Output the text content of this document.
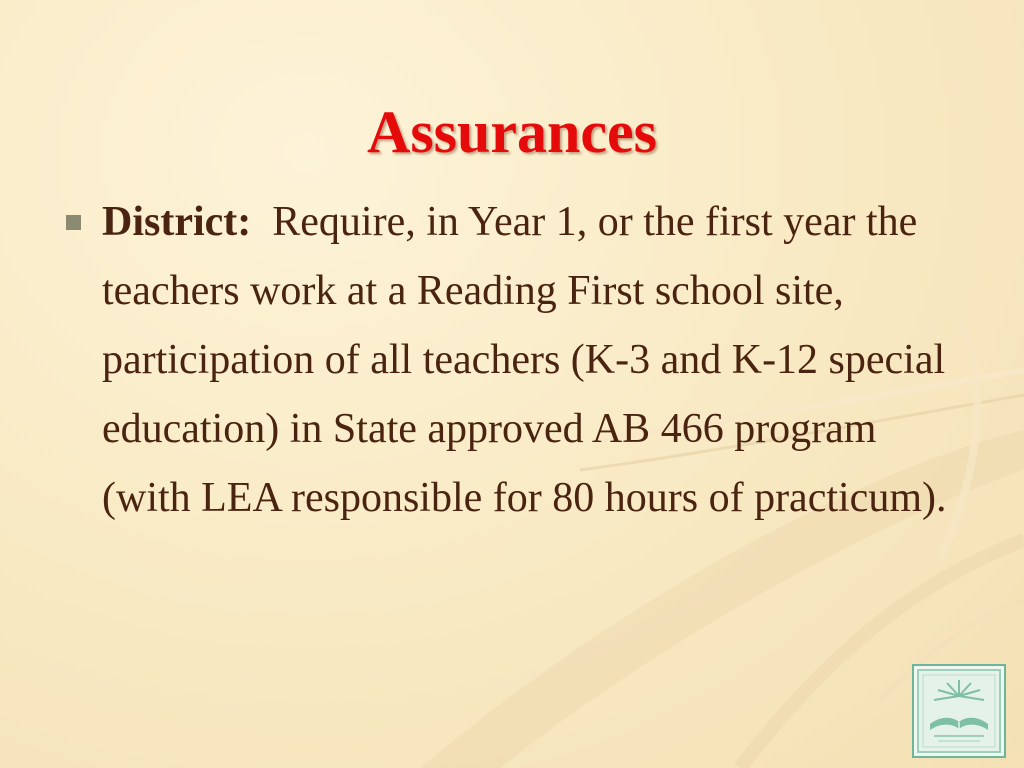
Assurances
District: Require, in Year 1, or the first year the teachers work at a Reading First school site, participation of all teachers (K-3 and K-12 special education) in State approved AB 466 program (with LEA responsible for 80 hours of practicum).
